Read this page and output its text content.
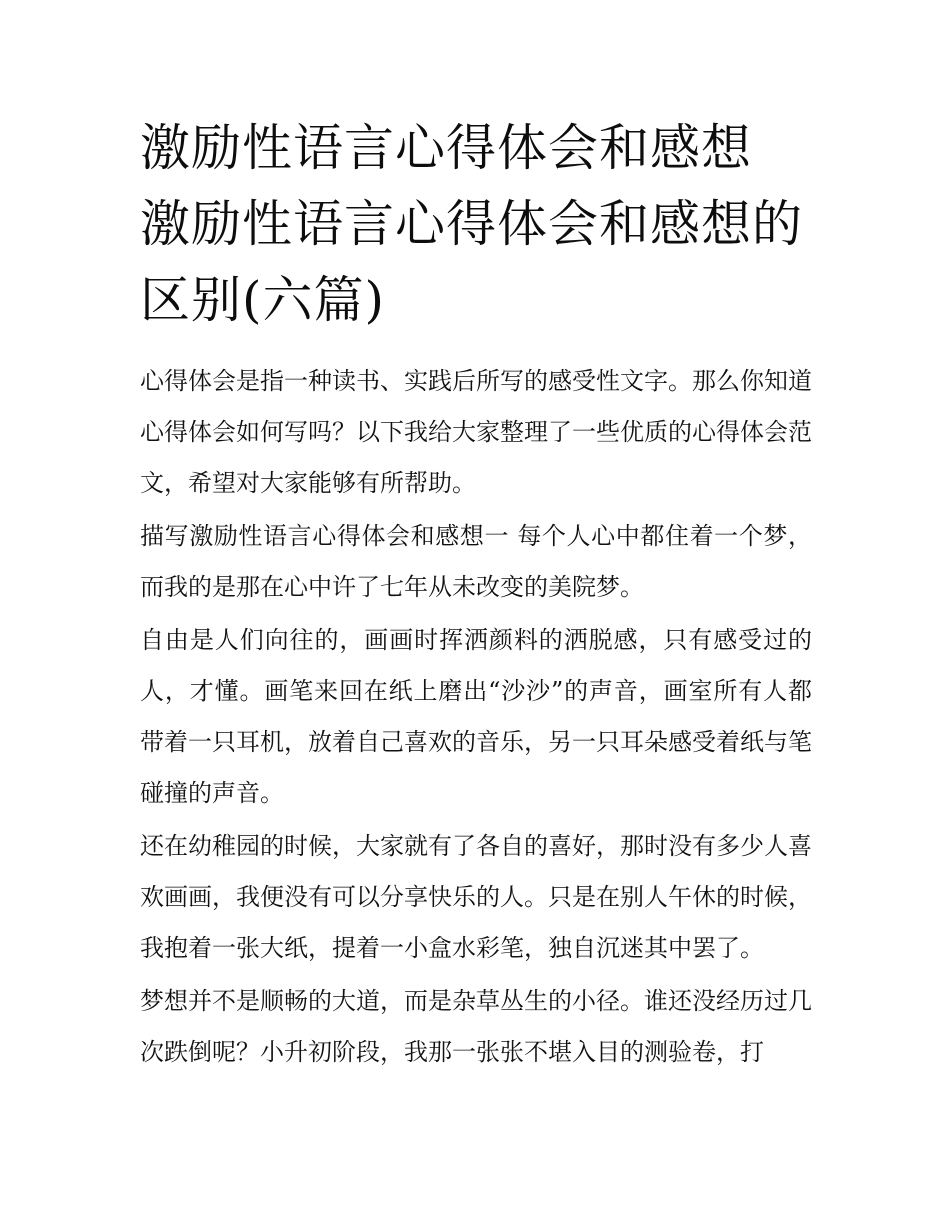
激励性语言心得体会和感想 激励性语言心得体会和感想的区别(六篇)

心得体会是指一种读书、实践后所写的感受性文字。那么你知道心得体会如何写吗？以下我给大家整理了一些优质的心得体会范文，希望对大家能够有所帮助。

描写激励性语言心得体会和感想一 每个人心中都住着一个梦，而我的是那在心中许了七年从未改变的美院梦。

自由是人们向往的，画画时挥洒颜料的洒脱感，只有感受过的人，才懂。画笔来回在纸上磨出“沙沙”的声音，画室所有人都带着一只耳机，放着自己喜欢的音乐，另一只耳朵感受着纸与笔碰撞的声音。

还在幼稚园的时候，大家就有了各自的喜好，那时没有多少人喜欢画画，我便没有可以分享快乐的人。只是在别人午休的时候，我抱着一张大纸，提着一小盒水彩笔，独自沉迷其中罢了。

梦想并不是顺畅的大道，而是杂草丛生的小径。谁还没经历过几次跌倒呢？小升初阶段，我那一张张不堪入目的测验卷，打
